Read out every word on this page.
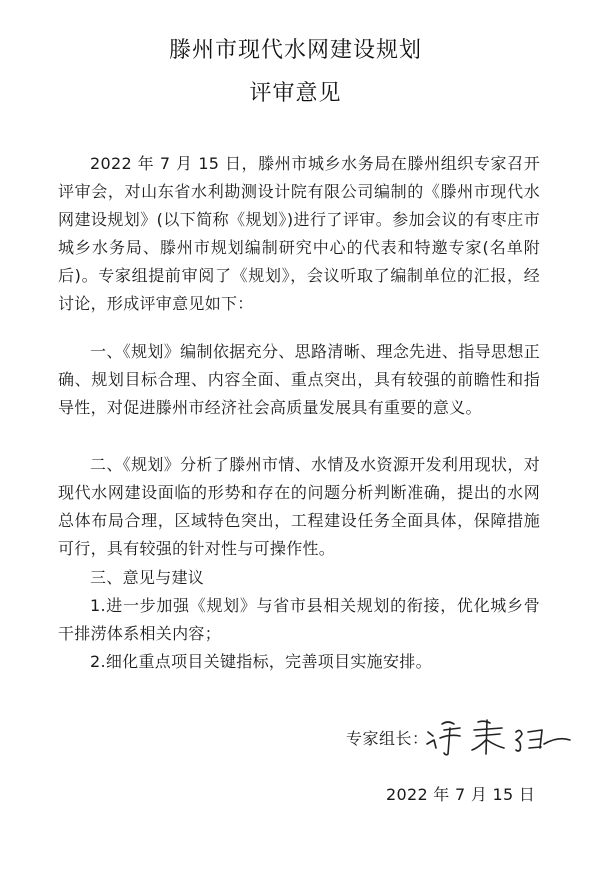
滕州市现代水网建设规划
评审意见

2022 年 7 月 15 日，滕州市城乡水务局在滕州组织专家召开评审会，对山东省水利勘测设计院有限公司编制的《滕州市现代水网建设规划》(以下简称《规划》)进行了评审。参加会议的有枣庄市城乡水务局、滕州市规划编制研究中心的代表和特邀专家(名单附后)。专家组提前审阅了《规划》，会议听取了编制单位的汇报，经讨论，形成评审意见如下：

一、《规划》编制依据充分、思路清晰、理念先进、指导思想正确、规划目标合理、内容全面、重点突出，具有较强的前瞻性和指导性，对促进滕州市经济社会高质量发展具有重要的意义。

二、《规划》分析了滕州市情、水情及水资源开发利用现状，对现代水网建设面临的形势和存在的问题分析判断准确，提出的水网总体布局合理，区域特色突出，工程建设任务全面具体，保障措施可行，具有较强的针对性与可操作性。

三、意见与建议

1.进一步加强《规划》与省市县相关规划的衔接，优化城乡骨干排涝体系相关内容；

2.细化重点项目关键指标，完善项目实施安排。

专家组长：
2022 年 7 月 15 日
